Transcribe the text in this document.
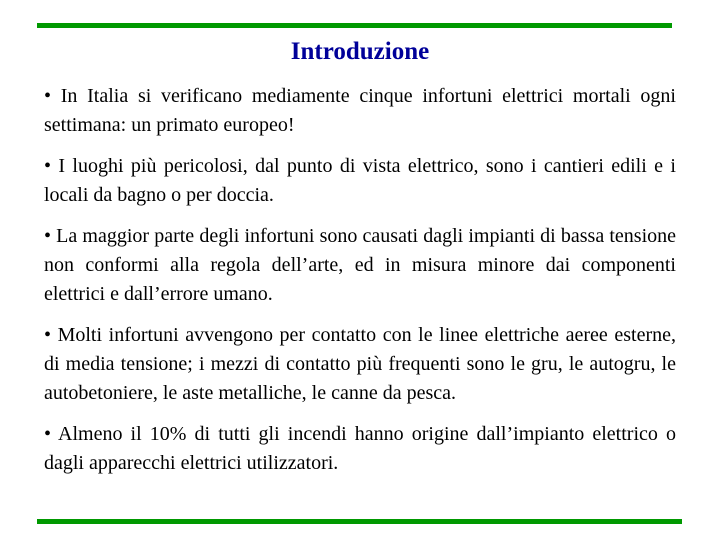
Introduzione

• In Italia si verificano mediamente cinque infortuni elettrici mortali ogni settimana: un primato europeo!

• I luoghi più pericolosi, dal punto di vista elettrico, sono i cantieri edili e i locali da bagno o per doccia.

• La maggior parte degli infortuni sono causati dagli impianti di bassa tensione non conformi alla regola dell’arte, ed in misura minore dai componenti elettrici e dall’errore umano.

• Molti infortuni avvengono per contatto con le linee elettriche aeree esterne, di media tensione; i mezzi di contatto più frequenti sono le gru, le autogru, le autobetoniere, le aste metalliche, le canne da pesca.

• Almeno il 10% di tutti gli incendi hanno origine dall’impianto elettrico o dagli apparecchi elettrici utilizzatori.
